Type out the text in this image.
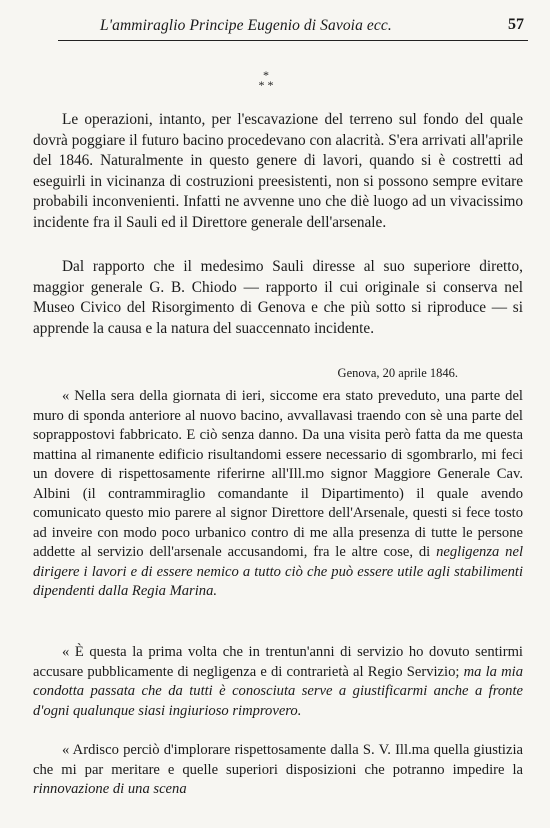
L'ammiraglio Principe Eugenio di Savoia ecc.	57
*
* *

Le operazioni, intanto, per l'escavazione del terreno sul fondo del quale dovrà poggiare il futuro bacino procedevano con alacrità. S'era arrivati all'aprile del 1846. Naturalmente in questo genere di lavori, quando si è costretti ad eseguirli in vicinanza di costruzioni preesistenti, non si possono sempre evitare probabili inconvenienti. Infatti ne avvenne uno che diè luogo ad un vivacissimo incidente fra il Sauli ed il Direttore generale dell'arsenale.

Dal rapporto che il medesimo Sauli diresse al suo superiore diretto, maggior generale G. B. Chiodo — rapporto il cui originale si conserva nel Museo Civico del Risorgimento di Genova e che più sotto si riproduce — si apprende la causa e la natura del suaccennato incidente.

Genova, 20 aprile 1846.

« Nella sera della giornata di ieri, siccome era stato preveduto, una parte del muro di sponda anteriore al nuovo bacino, avvallavasi traendo con sè una parte del soprappostovi fabbricato. E ciò senza danno. Da una visita però fatta da me questa mattina al rimanente edificio risultandomi essere necessario di sgombrarlo, mi feci un dovere di rispettosamente riferirne all'Ill.mo signor Maggiore Generale Cav. Albini (il contrammiraglio comandante il Dipartimento) il quale avendo comunicato questo mio parere al signor Direttore dell'Arsenale, questi si fece tosto ad inveire con modo poco urbanico contro di me alla presenza di tutte le persone addette al servizio dell'arsenale accusandomi, fra le altre cose, di negligenza nel dirigere i lavori e di essere nemico a tutto ciò che può essere utile agli stabilimenti dipendenti dalla Regia Marina.

« È questa la prima volta che in trentun'anni di servizio ho dovuto sentirmi accusare pubblicamente di negligenza e di contrarietà al Regio Servizio; ma la mia condotta passata che da tutti è conosciuta serve a giustificarmi anche a fronte d'ogni qualunque siasi ingiurioso rimprovero.

« Ardisco perciò d'implorare rispettosamente dalla S. V. Ill.ma quella giustizia che mi par meritare e quelle superiori disposizioni che potranno impedire la rinnovazione di una scena
